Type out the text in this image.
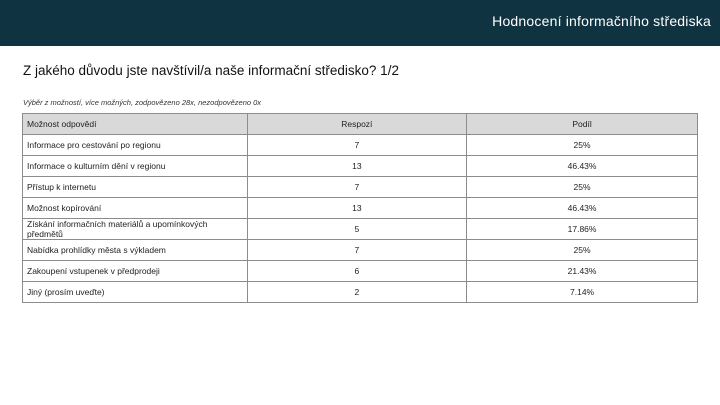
Hodnocení informačního střediska
Z jakého důvodu jste navštívil/a naše informační středisko? 1/2
Výběr z možností, více možných, zodpovězeno 28x, nezodpovězeno 0x
Možnost odpovědí	Respozí	Podíl
Informace pro cestování po regionu	7	25%
Informace o kulturním dění v regionu	13	46.43%
Přístup k internetu	7	25%
Možnost kopírování	13	46.43%
Získání informačních materiálů a upomínkových předmětů	5	17.86%
Nabídka prohlídky města s výkladem	7	25%
Zakoupení vstupenek v předprodeji	6	21.43%
Jiný (prosím uveďte)	2	7.14%
